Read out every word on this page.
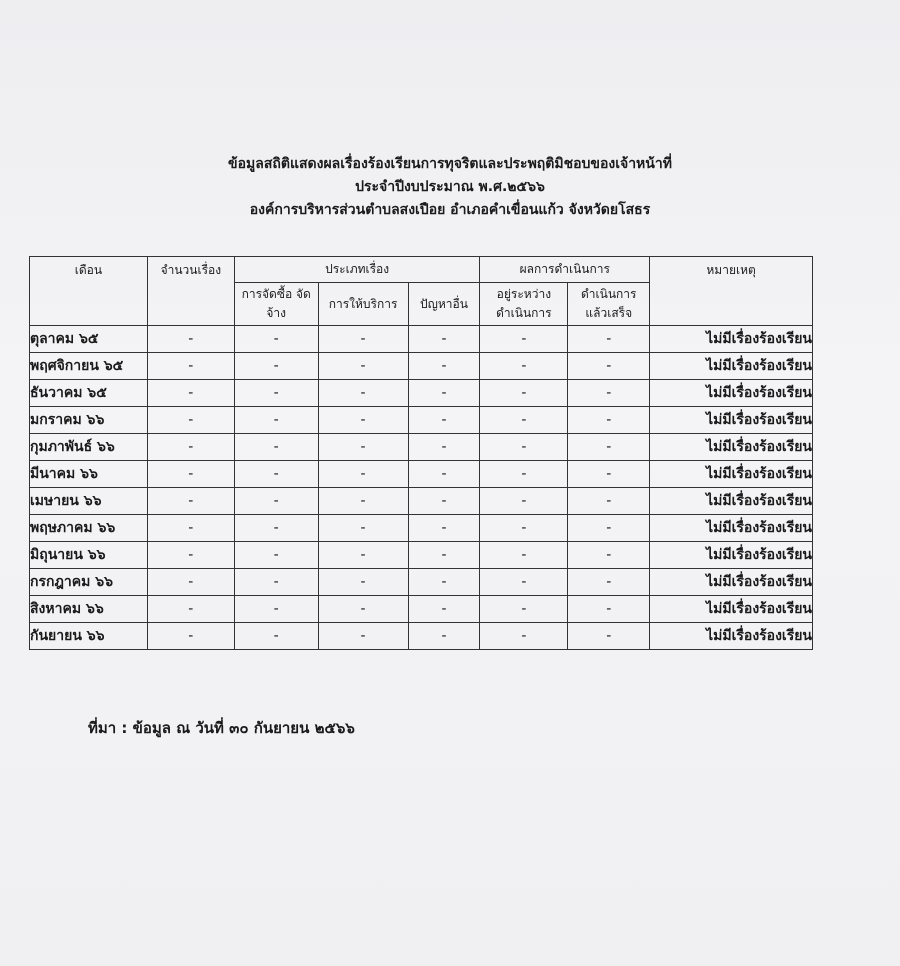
ข้อมูลสถิติแสดงผลเรื่องร้องเรียนการทุจริตและประพฤติมิชอบของเจ้าหน้าที่
ประจำปีงบประมาณ พ.ศ.๒๕๖๖
องค์การบริหารส่วนตำบลสงเปือย อำเภอคำเขื่อนแก้ว จังหวัดยโสธร
เดือน	จำนวนเรื่อง	ประเภทเรื่อง			ผลการดำเนินการ		หมายเหตุ
		การจัดซื้อ จัดจ้าง	การให้บริการ	ปัญหาอื่น	อยู่ระหว่าง ดำเนินการ	ดำเนินการ แล้วเสร็จ	
ตุลาคม ๖๕	-	-	-	-	-	-	ไม่มีเรื่องร้องเรียน
พฤศจิกายน ๖๕	-	-	-	-	-	-	ไม่มีเรื่องร้องเรียน
ธันวาคม ๖๕	-	-	-	-	-	-	ไม่มีเรื่องร้องเรียน
มกราคม ๖๖	-	-	-	-	-	-	ไม่มีเรื่องร้องเรียน
กุมภาพันธ์ ๖๖	-	-	-	-	-	-	ไม่มีเรื่องร้องเรียน
มีนาคม ๖๖	-	-	-	-	-	-	ไม่มีเรื่องร้องเรียน
เมษายน ๖๖	-	-	-	-	-	-	ไม่มีเรื่องร้องเรียน
พฤษภาคม ๖๖	-	-	-	-	-	-	ไม่มีเรื่องร้องเรียน
มิถุนายน ๖๖	-	-	-	-	-	-	ไม่มีเรื่องร้องเรียน
กรกฎาคม ๖๖	-	-	-	-	-	-	ไม่มีเรื่องร้องเรียน
สิงหาคม ๖๖	-	-	-	-	-	-	ไม่มีเรื่องร้องเรียน
กันยายน ๖๖	-	-	-	-	-	-	ไม่มีเรื่องร้องเรียน
ที่มา : ข้อมูล ณ วันที่ ๓๐ กันยายน ๒๕๖๖
